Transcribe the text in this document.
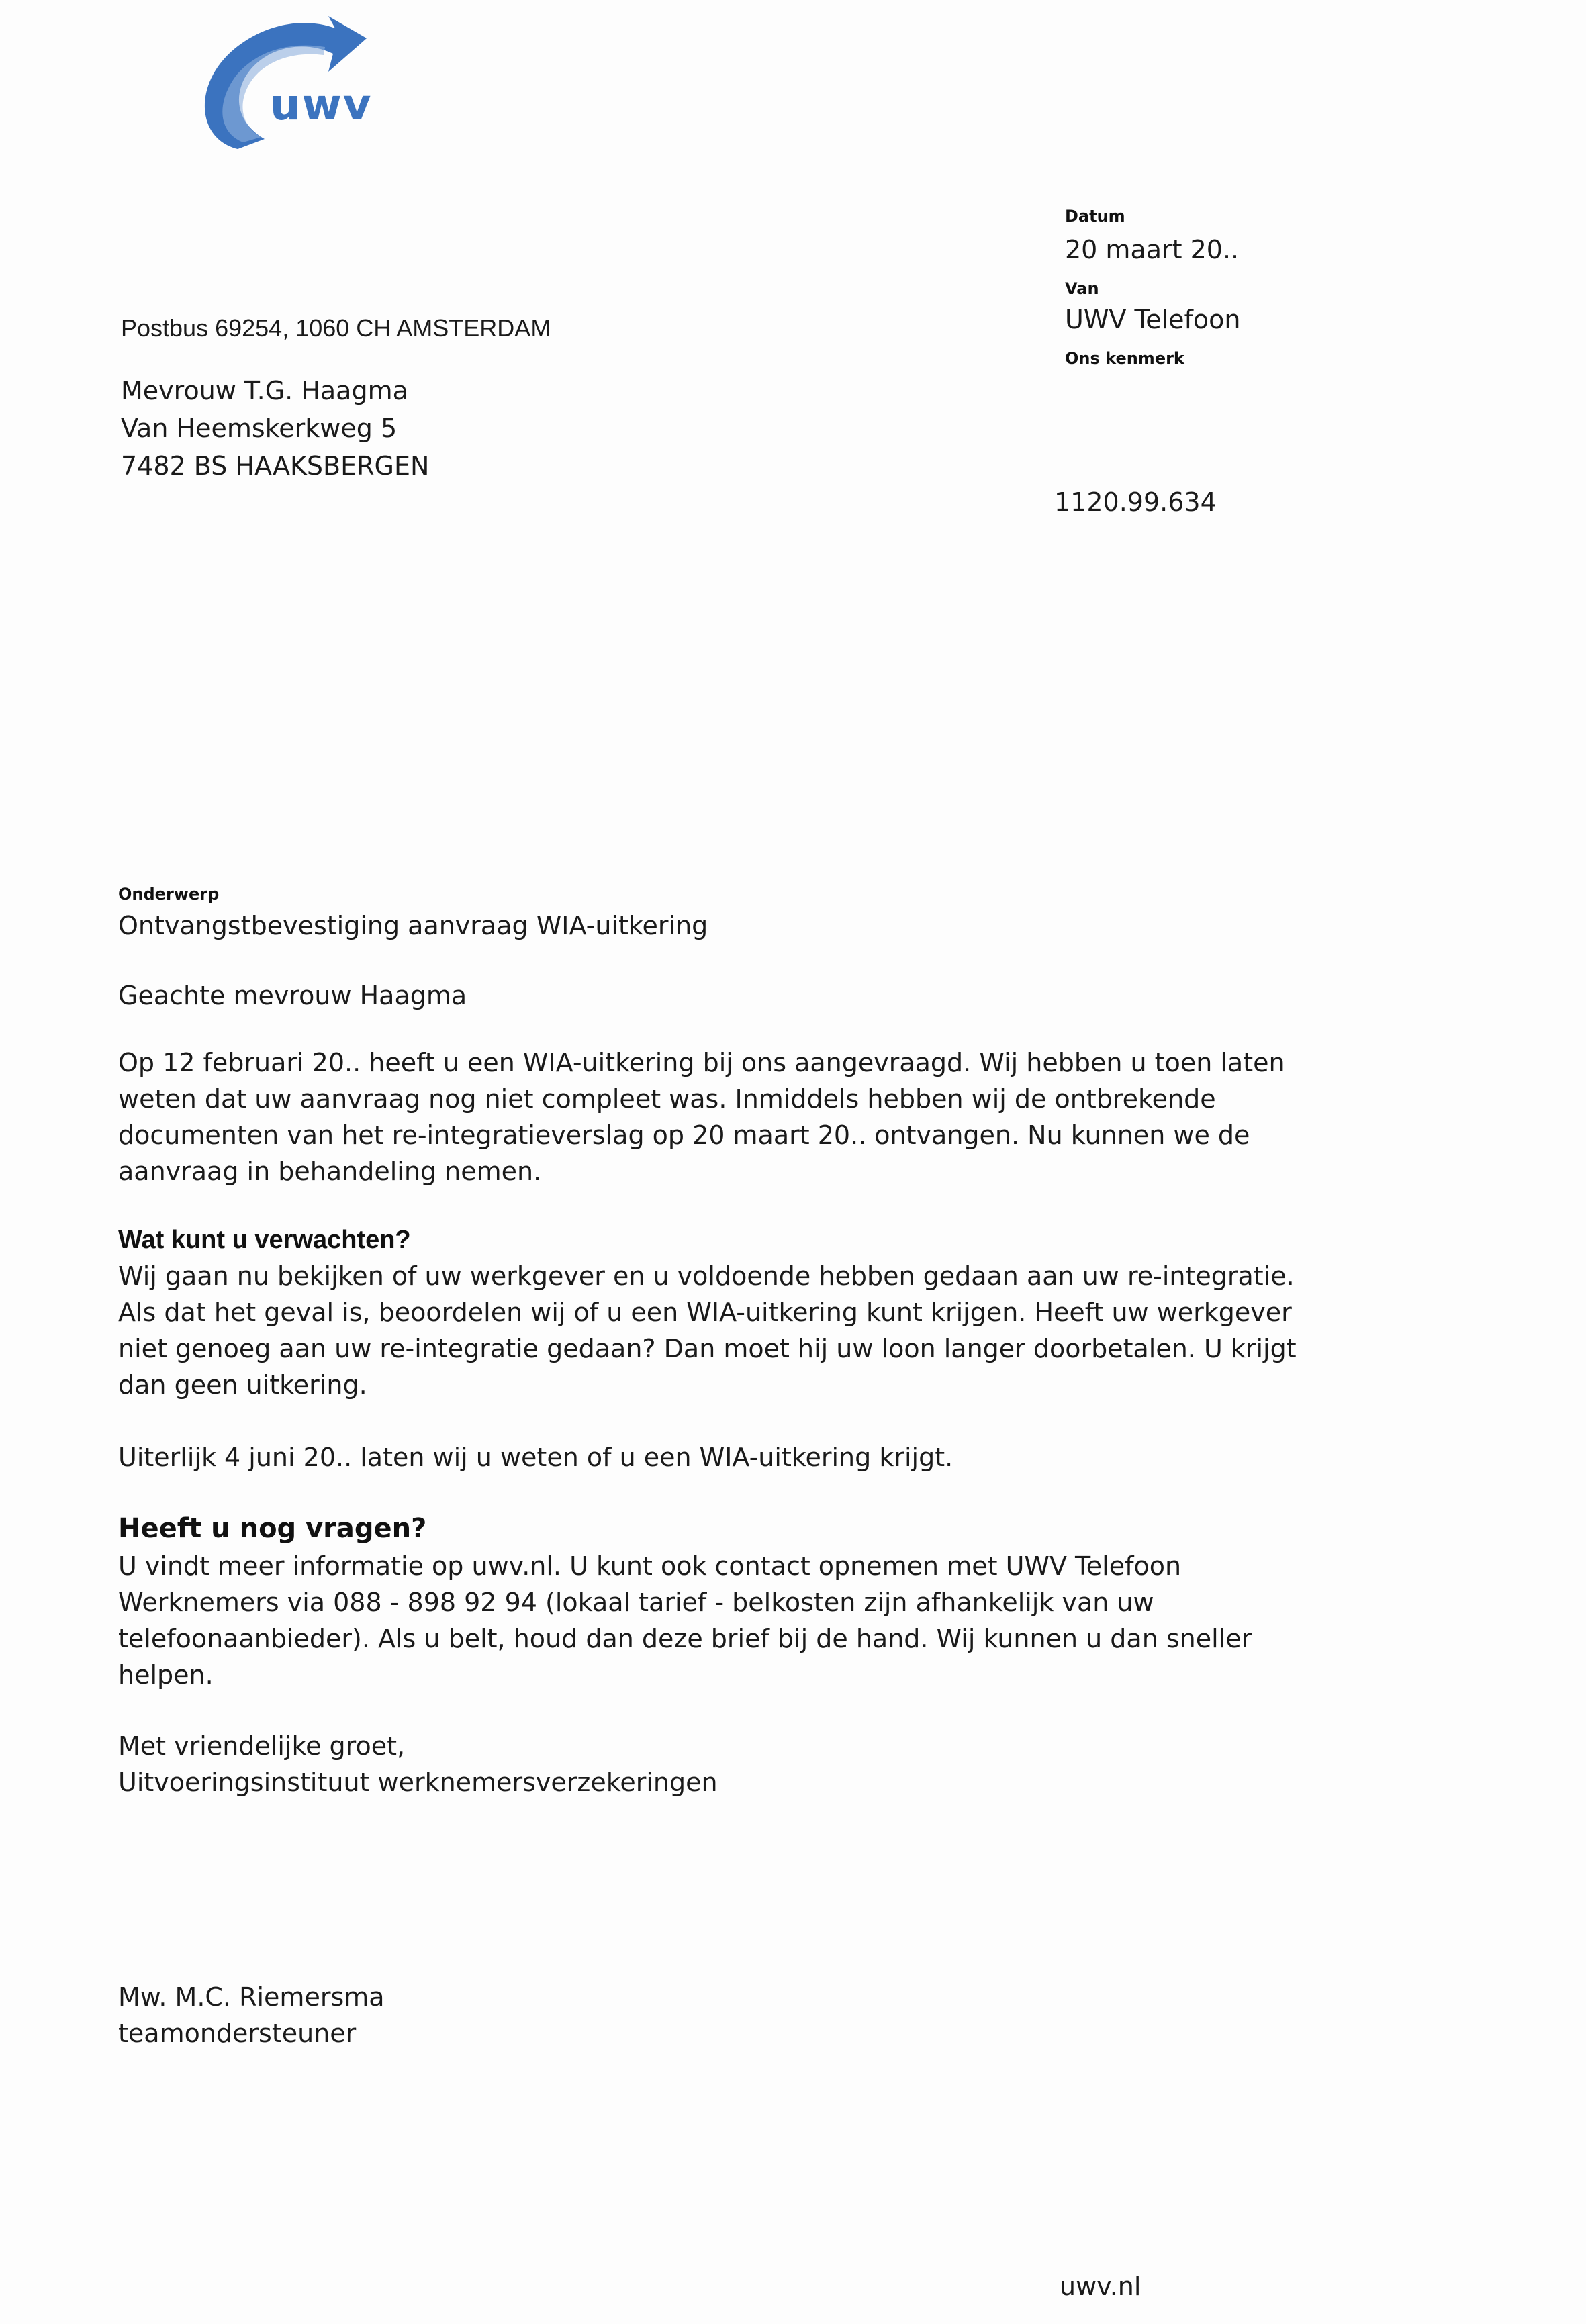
uwv
Datum
20 maart 20..
Van
UWV Telefoon
Ons kenmerk
1120.99.634
Postbus 69254, 1060 CH AMSTERDAM
Mevrouw T.G. Haagma
Van Heemskerkweg 5
7482 BS HAAKSBERGEN
Onderwerp
Ontvangstbevestiging aanvraag WIA-uitkering
Geachte mevrouw Haagma
Op 12 februari 20.. heeft u een WIA-uitkering bij ons aangevraagd. Wij hebben u toen laten
weten dat uw aanvraag nog niet compleet was. Inmiddels hebben wij de ontbrekende
documenten van het re-integratieverslag op 20 maart 20.. ontvangen. Nu kunnen we de
aanvraag in behandeling nemen.
Wat kunt u verwachten?
Wij gaan nu bekijken of uw werkgever en u voldoende hebben gedaan aan uw re-integratie.
Als dat het geval is, beoordelen wij of u een WIA-uitkering kunt krijgen. Heeft uw werkgever
niet genoeg aan uw re-integratie gedaan? Dan moet hij uw loon langer doorbetalen. U krijgt
dan geen uitkering.
Uiterlijk 4 juni 20.. laten wij u weten of u een WIA-uitkering krijgt.
Heeft u nog vragen?
U vindt meer informatie op uwv.nl. U kunt ook contact opnemen met UWV Telefoon
Werknemers via 088 - 898 92 94 (lokaal tarief - belkosten zijn afhankelijk van uw
telefoonaanbieder). Als u belt, houd dan deze brief bij de hand. Wij kunnen u dan sneller
helpen.
Met vriendelijke groet,
Uitvoeringsinstituut werknemersverzekeringen
Mw. M.C. Riemersma
teamondersteuner
uwv.nl
